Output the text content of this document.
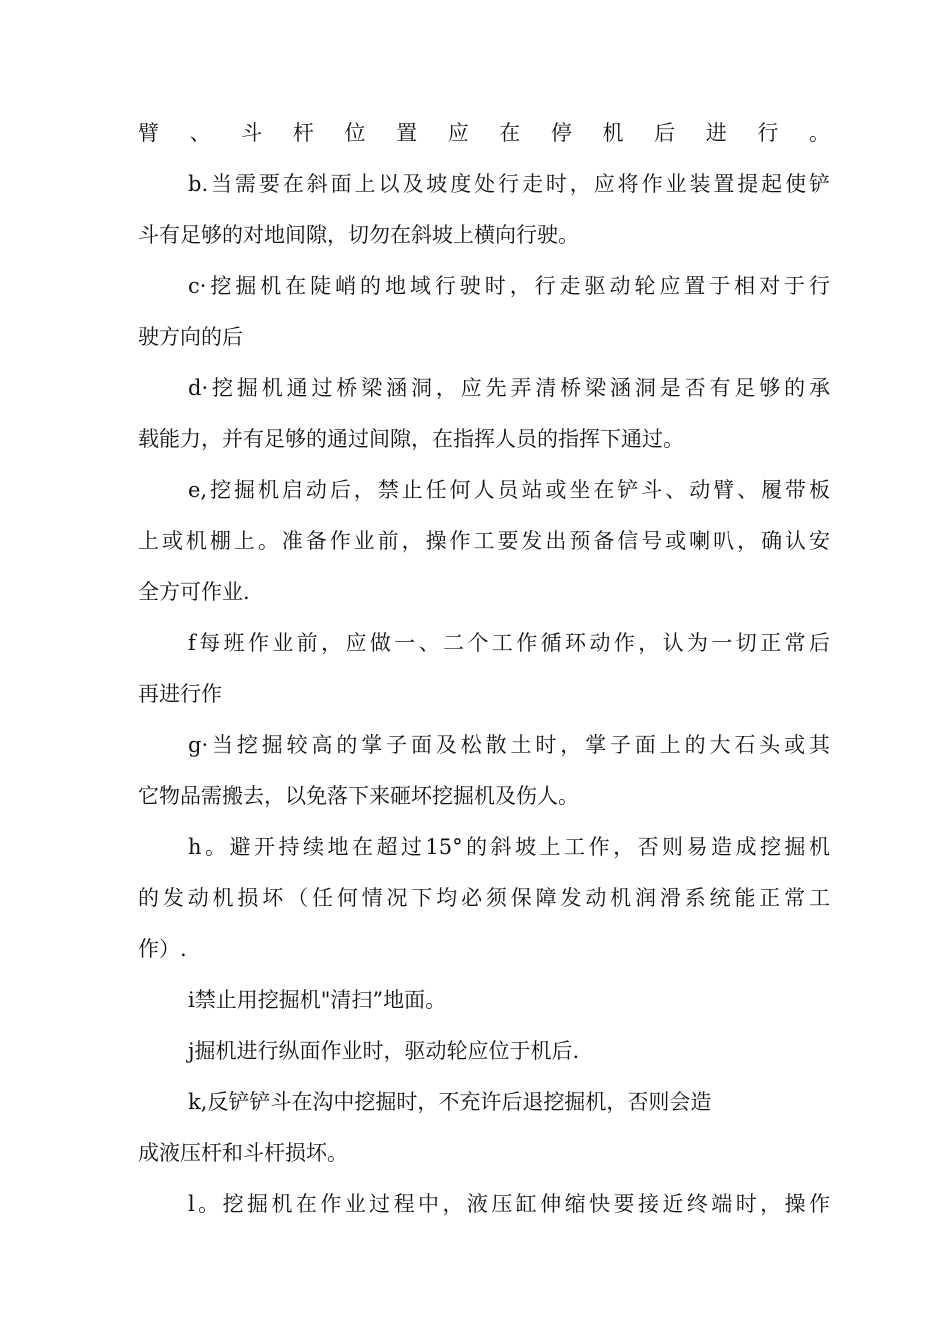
臂、斗杆位置应在停机后进行。
b.当需要在斜面上以及坡度处行走时，应将作业装置提起使铲
斗有足够的对地间隙，切勿在斜坡上横向行驶。
c·挖掘机在陡峭的地域行驶时，行走驱动轮应置于相对于行
驶方向的后
d·挖掘机通过桥梁涵洞，应先弄清桥梁涵洞是否有足够的承
载能力，并有足够的通过间隙，在指挥人员的指挥下通过。
e,挖掘机启动后，禁止任何人员站或坐在铲斗、动臂、履带板
上或机棚上。准备作业前，操作工要发出预备信号或喇叭，确认安
全方可作业.
f每班作业前，应做一、二个工作循环动作，认为一切正常后
再进行作
g·当挖掘较高的掌子面及松散土时，掌子面上的大石头或其
它物品需搬去，以免落下来砸坏挖掘机及伤人。
h。避开持续地在超过15°的斜坡上工作，否则易造成挖掘机
的发动机损坏（任何情况下均必须保障发动机润滑系统能正常工
作）.
i禁止用挖掘机"清扫”地面。
j掘机进行纵面作业时，驱动轮应位于机后.
k,反铲铲斗在沟中挖掘时，不充许后退挖掘机，否则会造
成液压杆和斗杆损坏。
l。挖掘机在作业过程中，液压缸伸缩快要接近终端时，操作
